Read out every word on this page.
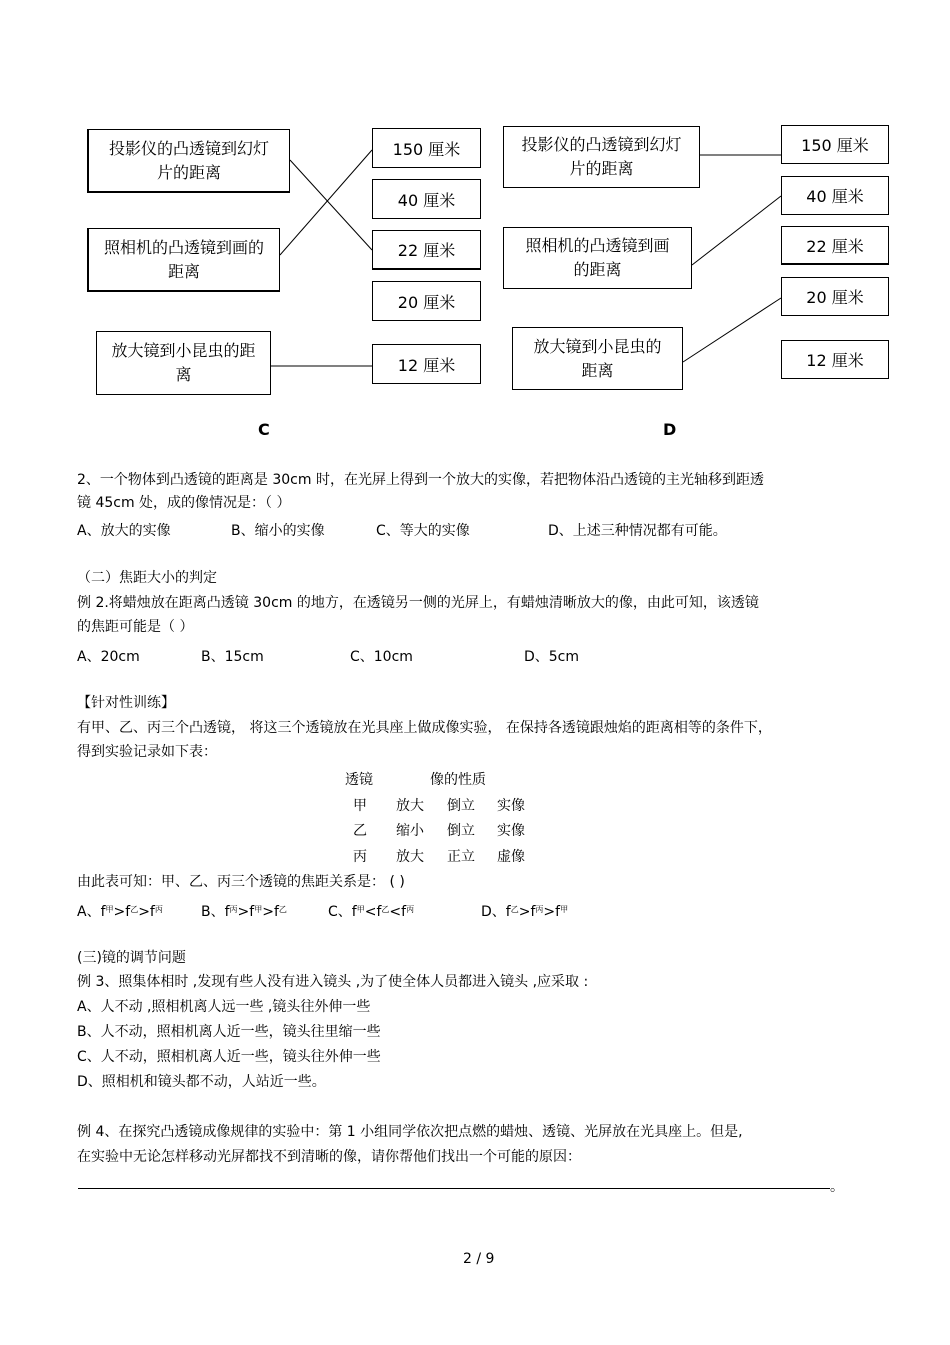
投影仪的凸透镜到幻灯片的距离
照相机的凸透镜到画的距离
放大镜到小昆虫的距离
150 厘米
40 厘米
22 厘米
20 厘米
12 厘米
C
投影仪的凸透镜到幻灯片的距离
照相机的凸透镜到画的距离
放大镜到小昆虫的距离
150 厘米
40 厘米
22 厘米
20 厘米
12 厘米
D
2、一个物体到凸透镜的距离是 30cm 时，在光屏上得到一个放大的实像，若把物体沿凸透镜的主光轴移到距透
镜 45cm 处，成的像情况是：（ ）
A、放大的实像	B、缩小的实像	C、等大的实像	D、上述三种情况都有可能。
（二）焦距大小的判定
例 2.将蜡烛放在距离凸透镜 30cm 的地方，在透镜另一侧的光屏上，有蜡烛清晰放大的像，由此可知，该透镜
的焦距可能是（ ）
A、20cm	B、15cm	C、10cm	D、5cm
【针对性训练】
有甲、乙、丙三个凸透镜， 将这三个透镜放在光具座上做成像实验， 在保持各透镜跟烛焰的距离相等的条件下，
得到实验记录如下表：
透镜	像的性质
甲 放大 倒立 实像
乙 缩小 倒立 实像
丙 放大 正立 虚像
由此表可知：甲、乙、丙三个透镜的焦距关系是： ( )
A、$f^甲>f^乙>f^丙$	B、$f^丙>f^甲>f^乙$	C、$f^甲<f^乙<f^丙$	D、$f^乙>f^丙>f^甲$
(三)镜的调节问题
例 3、照集体相时 ,发现有些人没有进入镜头 ,为了使全体人员都进入镜头 ,应采取 :
A、人不动 ,照相机离人远一些 ,镜头往外伸一些
B、人不动，照相机离人近一些，镜头往里缩一些
C、人不动，照相机离人近一些，镜头往外伸一些
D、照相机和镜头都不动，人站近一些。
例 4、在探究凸透镜成像规律的实验中：第 1 小组同学依次把点燃的蜡烛、透镜、光屏放在光具座上。但是,
在实验中无论怎样移动光屏都找不到清晰的像，请你帮他们找出一个可能的原因：
。
2 / 9
